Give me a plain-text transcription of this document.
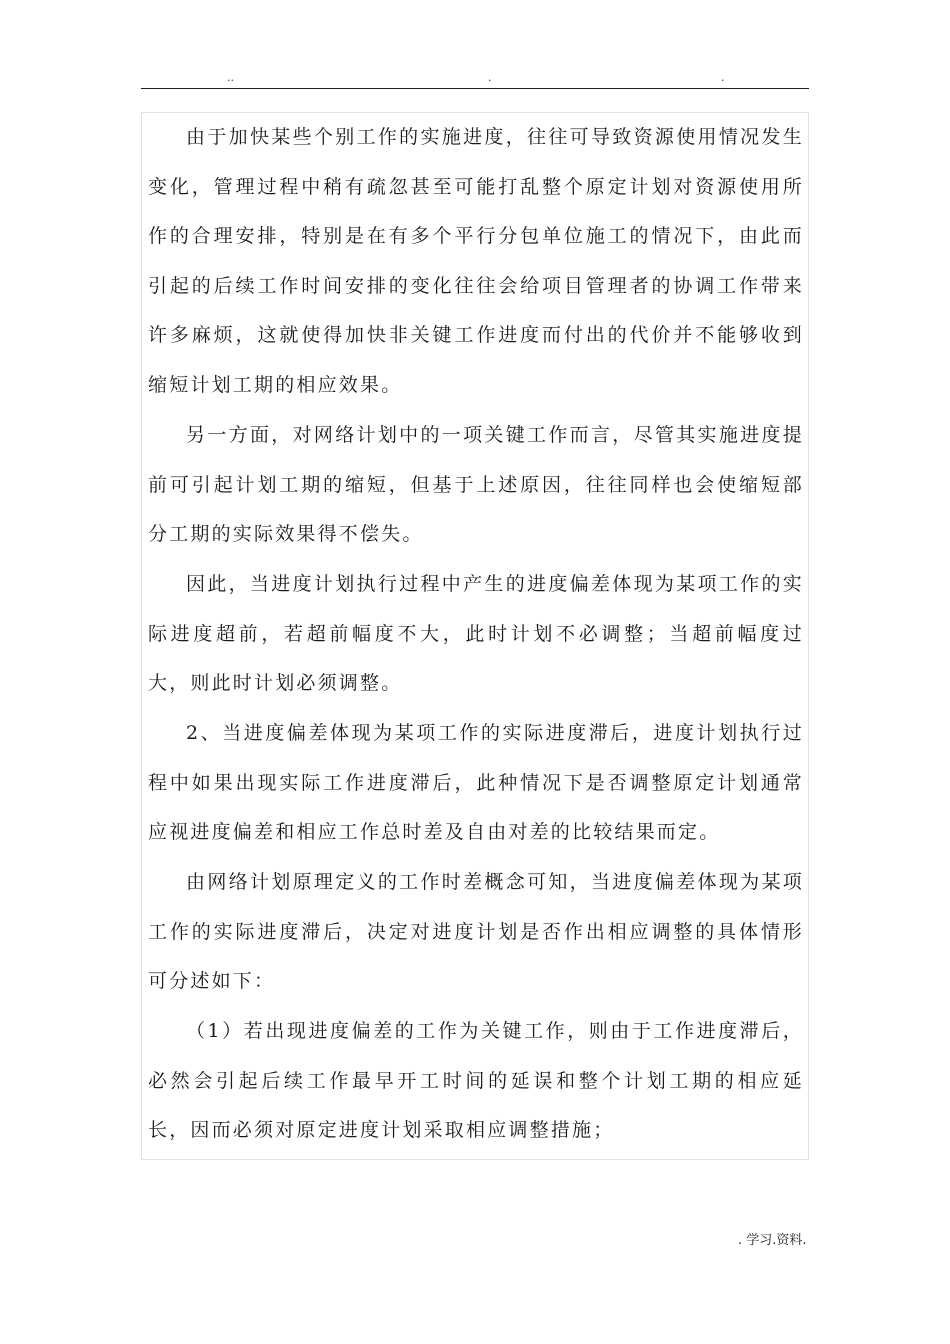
..	.	.

由于加快某些个别工作的实施进度，往往可导致资源使用情况发生变化，管理过程中稍有疏忽甚至可能打乱整个原定计划对资源使用所作的合理安排，特别是在有多个平行分包单位施工的情况下，由此而引起的后续工作时间安排的变化往往会给项目管理者的协调工作带来许多麻烦，这就使得加快非关键工作进度而付出的代价并不能够收到缩短计划工期的相应效果。

另一方面，对网络计划中的一项关键工作而言，尽管其实施进度提前可引起计划工期的缩短，但基于上述原因，往往同样也会使缩短部分工期的实际效果得不偿失。

因此，当进度计划执行过程中产生的进度偏差体现为某项工作的实际进度超前，若超前幅度不大，此时计划不必调整；当超前幅度过大，则此时计划必须调整。

2、当进度偏差体现为某项工作的实际进度滞后，进度计划执行过程中如果出现实际工作进度滞后，此种情况下是否调整原定计划通常应视进度偏差和相应工作总时差及自由对差的比较结果而定。

由网络计划原理定义的工作时差概念可知，当进度偏差体现为某项工作的实际进度滞后，决定对进度计划是否作出相应调整的具体情形可分述如下：

（1）若出现进度偏差的工作为关键工作，则由于工作进度滞后，必然会引起后续工作最早开工时间的延误和整个计划工期的相应延长，因而必须对原定进度计划采取相应调整措施；

. 学习.资料.
